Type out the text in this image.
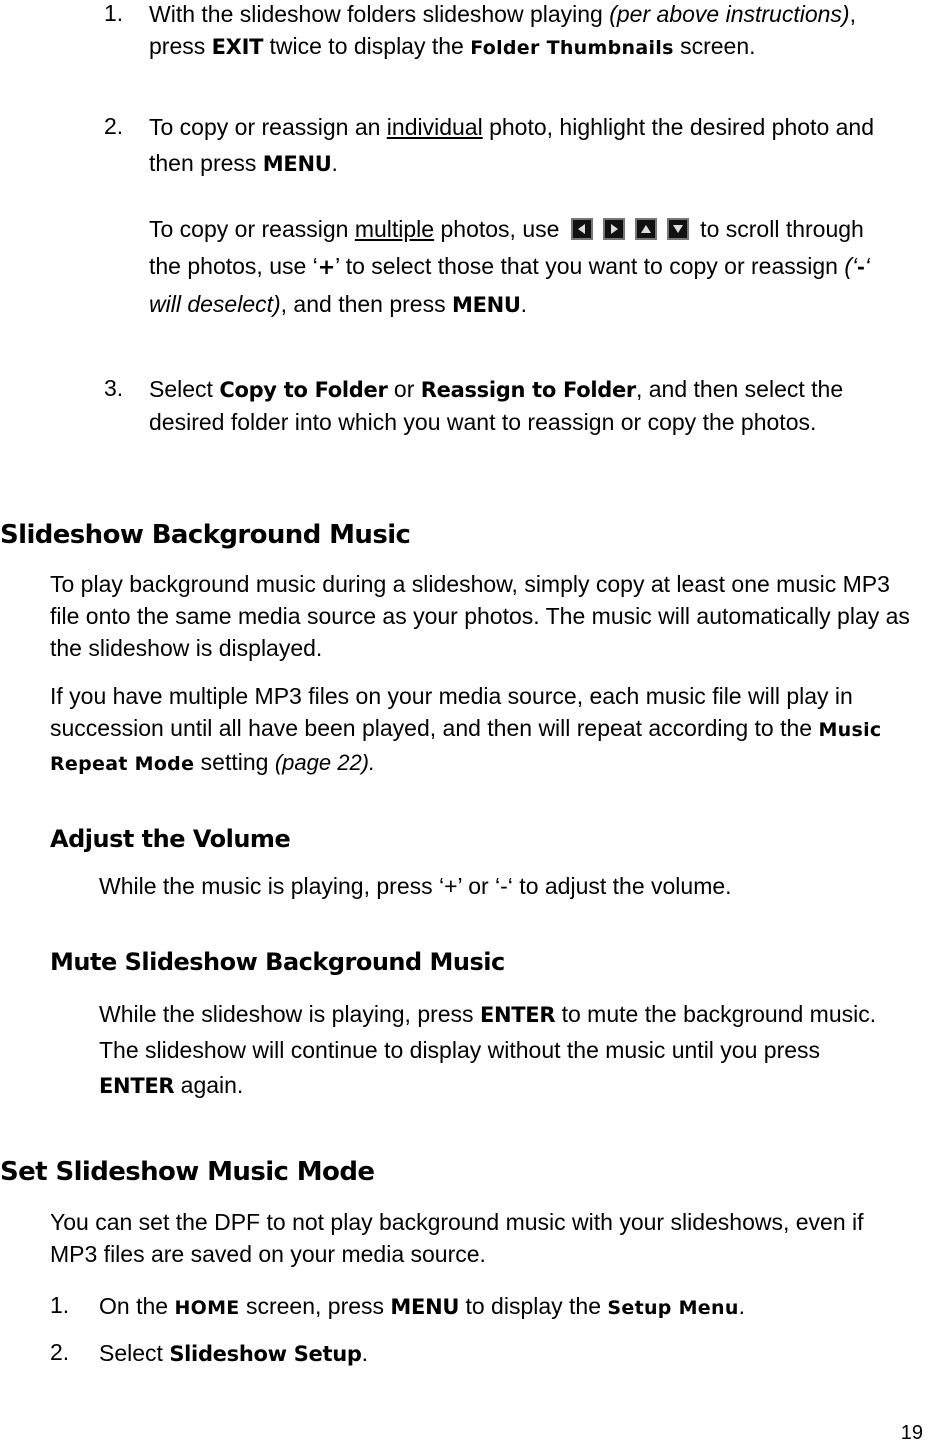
1. With the slideshow folders slideshow playing (per above instructions), press EXIT twice to display the Folder Thumbnails screen.
2. To copy or reassign an individual photo, highlight the desired photo and then press MENU.
To copy or reassign multiple photos, use	to scroll through the photos, use ‘+’ to select those that you want to copy or reassign (‘-‘ will deselect), and then press MENU.
3. Select Copy to Folder or Reassign to Folder, and then select the desired folder into which you want to reassign or copy the photos.
Slideshow Background Music
To play background music during a slideshow, simply copy at least one music MP3 file onto the same media source as your photos. The music will automatically play as the slideshow is displayed.
If you have multiple MP3 files on your media source, each music file will play in succession until all have been played, and then will repeat according to the Music Repeat Mode setting (page 22).
Adjust the Volume
While the music is playing, press ‘+’ or ‘-‘ to adjust the volume.
Mute Slideshow Background Music
While the slideshow is playing, press ENTER to mute the background music. The slideshow will continue to display without the music until you press ENTER again.
Set Slideshow Music Mode
You can set the DPF to not play background music with your slideshows, even if MP3 files are saved on your media source.
1. On the HOME screen, press MENU to display the Setup Menu.
2. Select Slideshow Setup.
19
